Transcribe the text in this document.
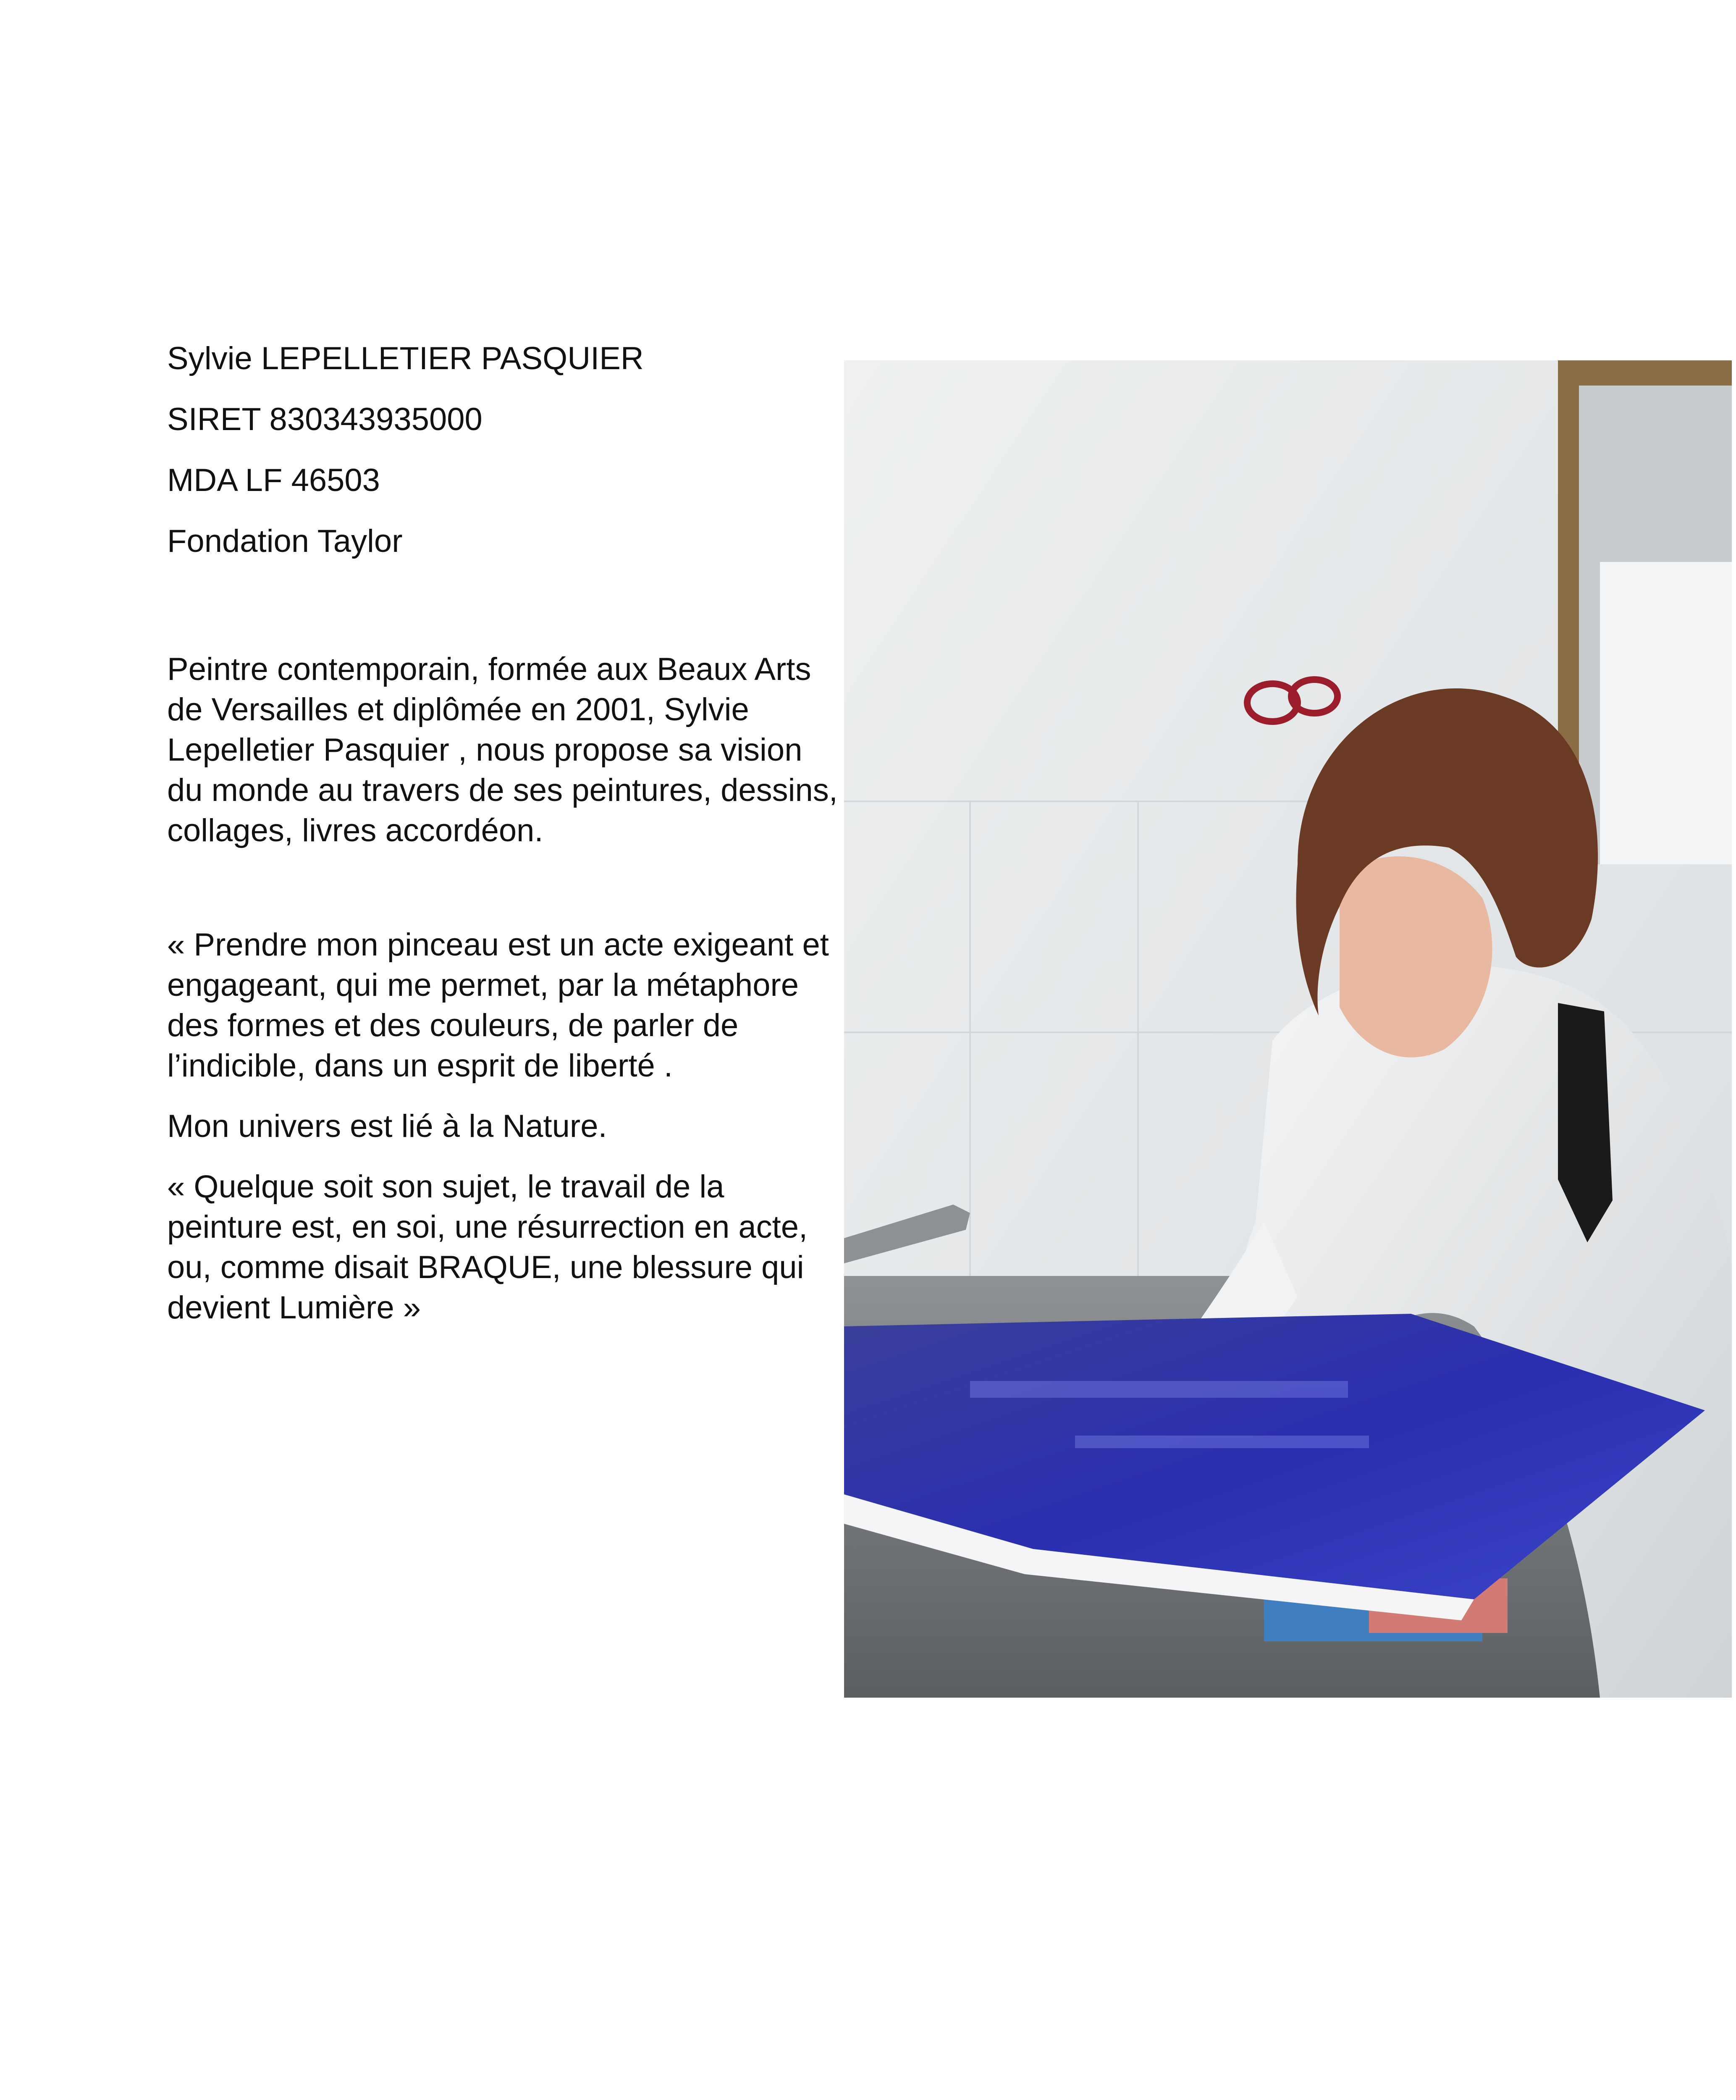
Sylvie LEPELLETIER PASQUIER

SIRET 830343935000

MDA LF 46503

Fondation Taylor

Peintre contemporain, formée aux Beaux Arts de Versailles et diplômée en 2001, Sylvie Lepelletier Pasquier , nous propose sa vision du monde au travers de ses peintures, dessins, collages, livres accordéon.

« Prendre mon pinceau est un acte exigeant et engageant, qui me permet, par la métaphore des formes et des couleurs, de parler de l’indicible, dans un esprit de liberté .

Mon univers est lié à la Nature.

« Quelque soit son sujet, le travail de la peinture est, en soi, une résurrection en acte, ou, comme disait BRAQUE, une blessure qui devient Lumière »
